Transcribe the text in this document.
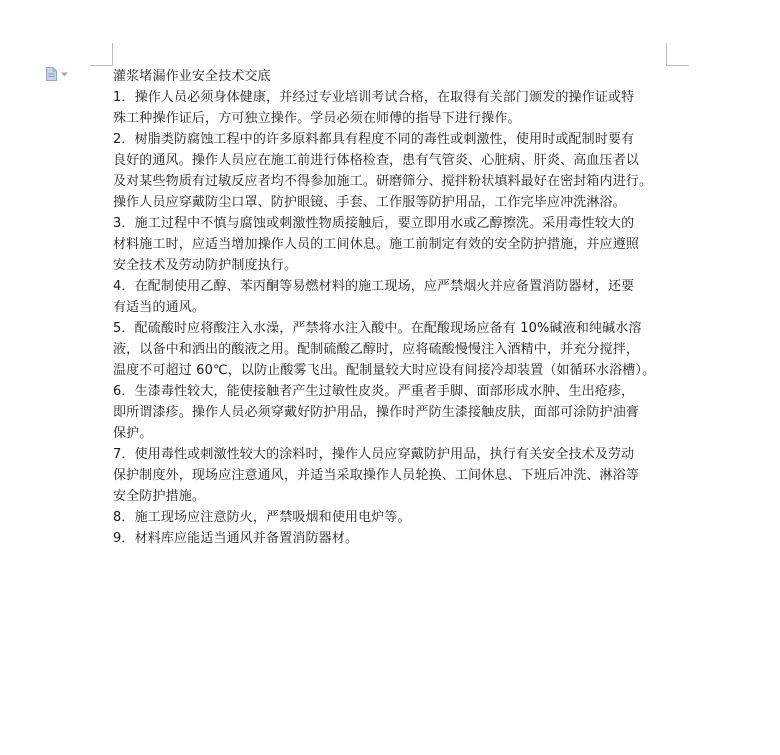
灌浆堵漏作业安全技术交底
1．操作人员必须身体健康，并经过专业培训考试合格，在取得有关部门颁发的操作证或特
殊工种操作证后，方可独立操作。学员必须在师傅的指导下进行操作。
2．树脂类防腐蚀工程中的许多原料都具有程度不同的毒性或刺激性，使用时或配制时要有
良好的通风。操作人员应在施工前进行体格检查，患有气管炎、心脏病、肝炎、高血压者以
及对某些物质有过敏反应者均不得参加施工。研磨筛分、搅拌粉状填料最好在密封箱内进行。
操作人员应穿戴防尘口罩、防护眼镜、手套、工作服等防护用品，工作完毕应冲洗淋浴。
3．施工过程中不慎与腐蚀或刺激性物质接触后，要立即用水或乙醇擦洗。采用毒性较大的
材料施工时，应适当增加操作人员的工间休息。施工前制定有效的安全防护措施，并应遵照
安全技术及劳动防护制度执行。
4．在配制使用乙醇、苯丙酮等易燃材料的施工现场，应严禁烟火并应备置消防器材，还要
有适当的通风。
5．配硫酸时应将酸注入水澡，严禁将水注入酸中。在配酸现场应备有 10%碱液和纯碱水溶
液，以备中和洒出的酸液之用。配制硫酸乙醇时，应将硫酸慢慢注入酒精中，并充分搅拌，
温度不可超过 60℃，以防止酸雾飞出。配制量较大时应设有间接冷却装置（如循环水浴槽）。
6．生漆毒性较大，能使接触者产生过敏性皮炎。严重者手脚、面部形成水肿、生出疮疹，
即所谓漆疹。操作人员必须穿戴好防护用品，操作时严防生漆接触皮肤，面部可涂防护油膏
保护。
7．使用毒性或刺激性较大的涂料时，操作人员应穿戴防护用品，执行有关安全技术及劳动
保护制度外，现场应注意通风，并适当采取操作人员轮换、工间休息、下班后冲洗、淋浴等
安全防护措施。
8．施工现场应注意防火，严禁吸烟和使用电炉等。
9．材料库应能适当通风并备置消防器材。
